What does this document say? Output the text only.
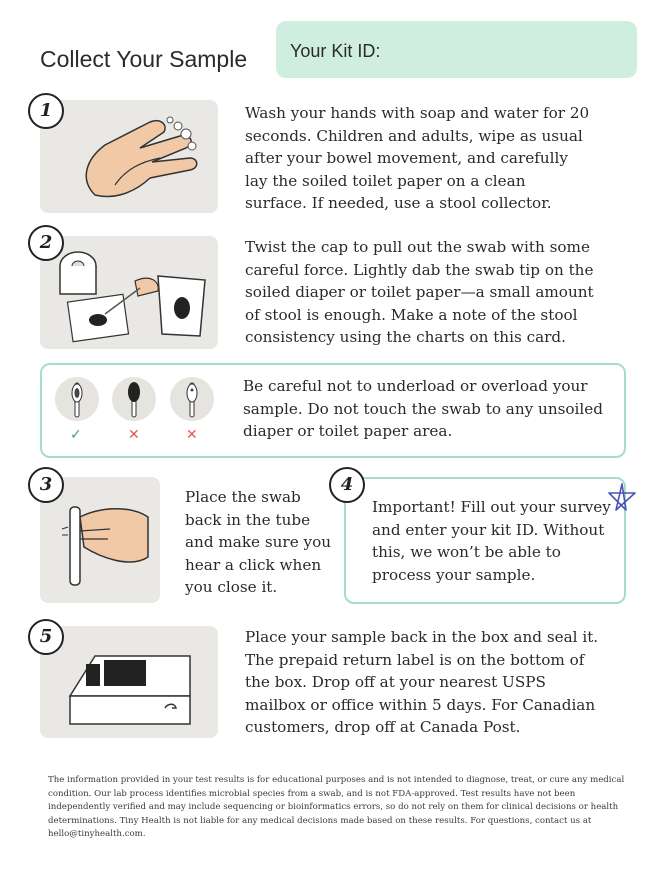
Collect Your Sample Your Kit ID:
1	Wash your hands with soap and water for 20 seconds. Children and adults, wipe as usual after your bowel movement, and carefully lay the soiled toilet paper on a clean surface. If needed, use a stool collector.

2	Twist the cap to pull out the swab with some careful force. Lightly dab the swab tip on the soiled diaper or toilet paper—a small amount of stool is enough. Make a note of the stool consistency using the charts on this card.

✓	✕	✕

Be careful not to underload or overload your sample. Do not touch the swab to any unsoiled diaper or toilet paper area.

3

Place the swab back in the tube and make sure you hear a click when you close it.

4

Important! Fill out your survey and enter your kit ID. Without this, we won’t be able to process your sample.

5	Place your sample back in the box and seal it. The prepaid return label is on the bottom of the box. Drop off at your nearest USPS mailbox or office within 5 days. For Canadian customers, drop off at Canada Post.

The information provided in your test results is for educational purposes and is not intended to diagnose, treat, or cure any medical condition. Our lab process identifies microbial species from a swab, and is not FDA-approved. Test results have not been independently verified and may include sequencing or bioinformatics errors, so do not rely on them for clinical decisions or health determinations. Tiny Health is not liable for any medical decisions made based on these results. For questions, contact us at hello@tinyhealth.com.
